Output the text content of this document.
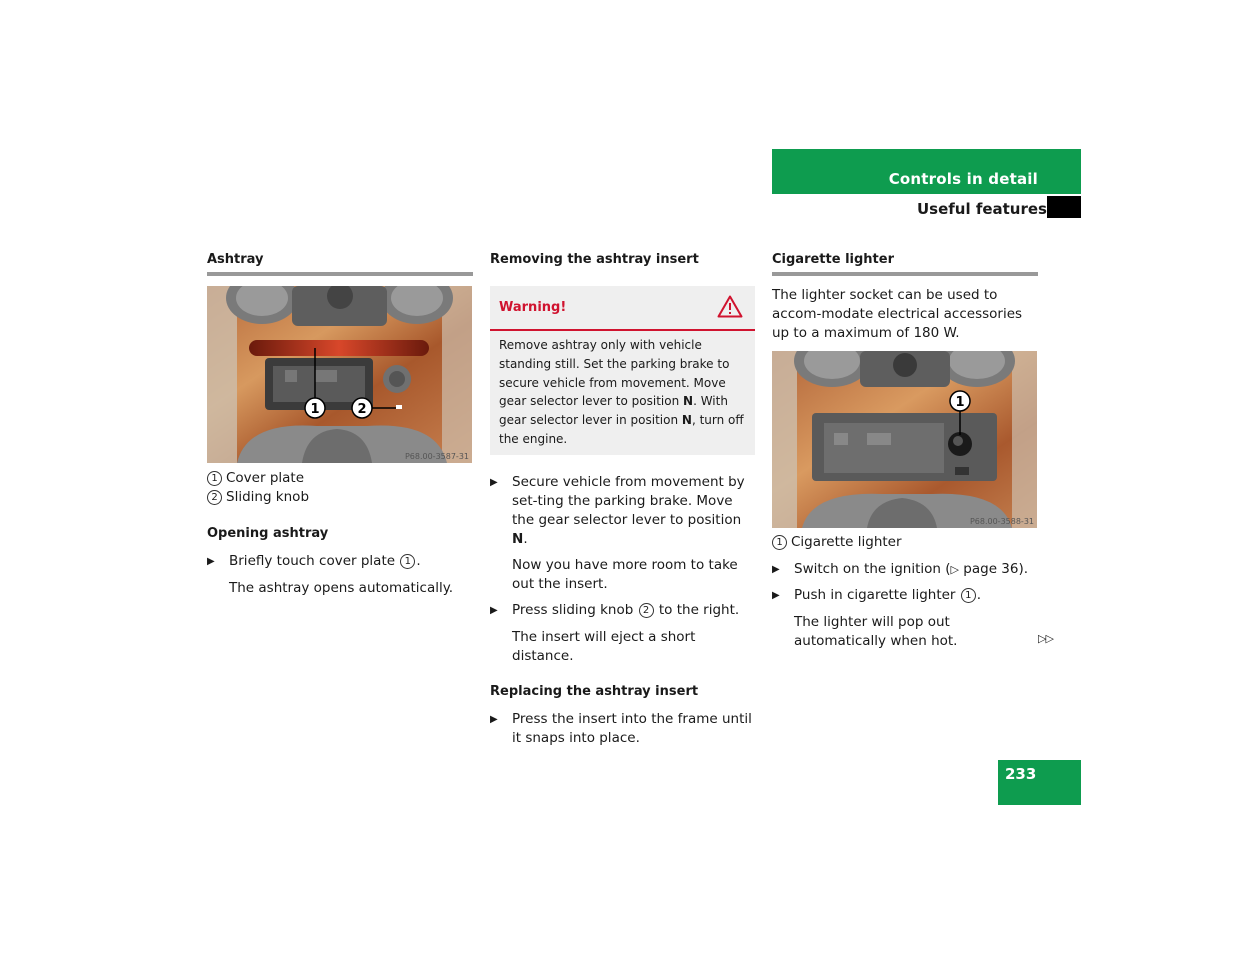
Controls in detail
Useful features
Ashtray
1	2
P68.00-3587-31
1 Cover plate
2 Sliding knob
Opening ashtray
▶ Briefly touch cover plate 1 .
The ashtray opens automatically.
Removing the ashtray insert
Warning!
Remove ashtray only with vehicle standing still. Set the parking brake to secure vehicle from movement. Move gear selector lever to position N. With gear selector lever in position N, turn off the engine.
▶ Secure vehicle from movement by set-ting the parking brake. Move the gear selector lever to position N.
Now you have more room to take out the insert.
▶ Press sliding knob 2 to the right.
The insert will eject a short distance.
Replacing the ashtray insert
▶ Press the insert into the frame until it snaps into place.
Cigarette lighter
The lighter socket can be used to accom-modate electrical accessories up to a maximum of 180 W.
1
P68.00-3588-31
1 Cigarette lighter
▶ Switch on the ignition (▷ page 36).
▶ Push in cigarette lighter 1 .
The lighter will pop out automatically when hot.	▷▷
233
